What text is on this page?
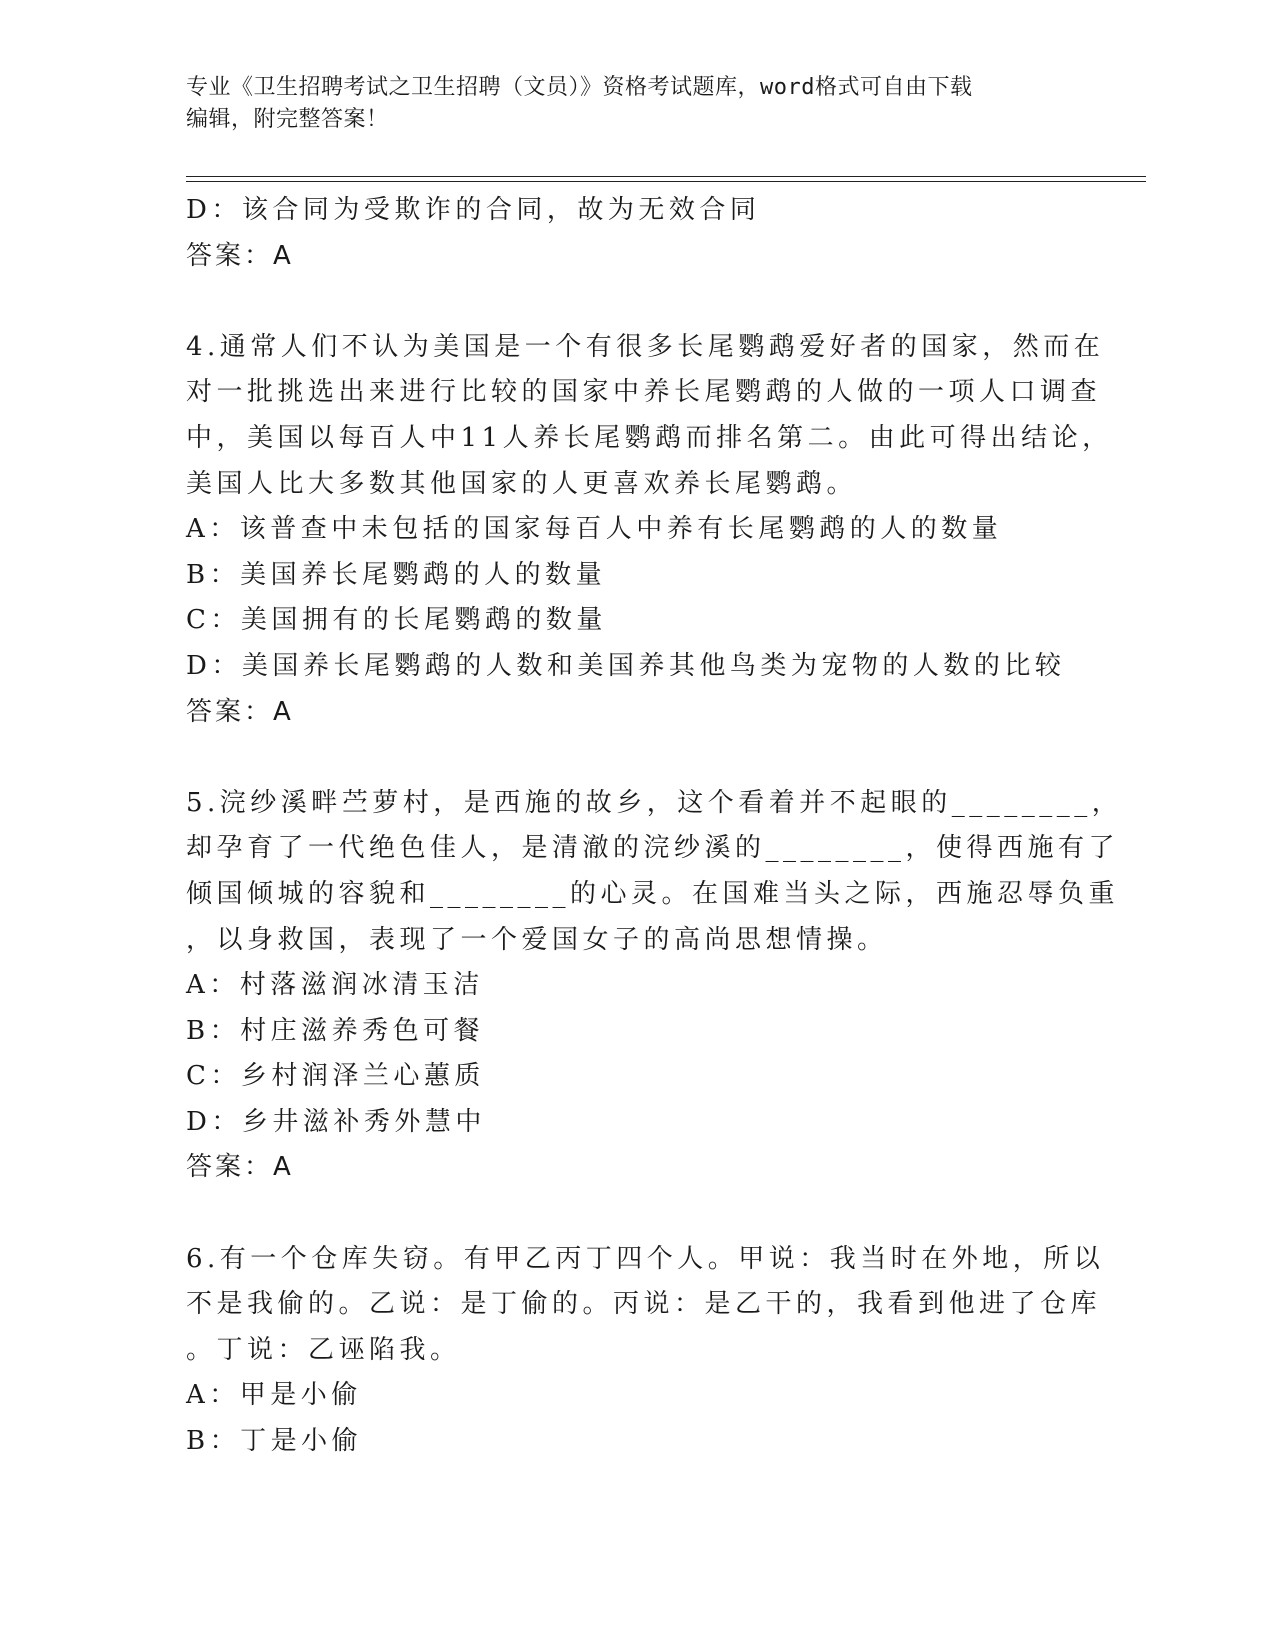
专业《卫生招聘考试之卫生招聘（文员）》资格考试题库，word格式可自由下载
编辑，附完整答案！
D：该合同为受欺诈的合同，故为无效合同
答案：A
4.通常人们不认为美国是一个有很多长尾鹦鹉爱好者的国家，然而在
对一批挑选出来进行比较的国家中养长尾鹦鹉的人做的一项人口调查
中，美国以每百人中11人养长尾鹦鹉而排名第二。由此可得出结论，
美国人比大多数其他国家的人更喜欢养长尾鹦鹉。
A：该普查中未包括的国家每百人中养有长尾鹦鹉的人的数量
B：美国养长尾鹦鹉的人的数量
C：美国拥有的长尾鹦鹉的数量
D：美国养长尾鹦鹉的人数和美国养其他鸟类为宠物的人数的比较
答案：A
5.浣纱溪畔苎萝村，是西施的故乡，这个看着并不起眼的________，
却孕育了一代绝色佳人，是清澈的浣纱溪的________，使得西施有了
倾国倾城的容貌和________的心灵。在国难当头之际，西施忍辱负重
，以身救国，表现了一个爱国女子的高尚思想情操。
A：村落滋润冰清玉洁
B：村庄滋养秀色可餐
C：乡村润泽兰心蕙质
D：乡井滋补秀外慧中
答案：A
6.有一个仓库失窃。有甲乙丙丁四个人。甲说：我当时在外地，所以
不是我偷的。乙说：是丁偷的。丙说：是乙干的，我看到他进了仓库
。丁说：乙诬陷我。
A：甲是小偷
B：丁是小偷
